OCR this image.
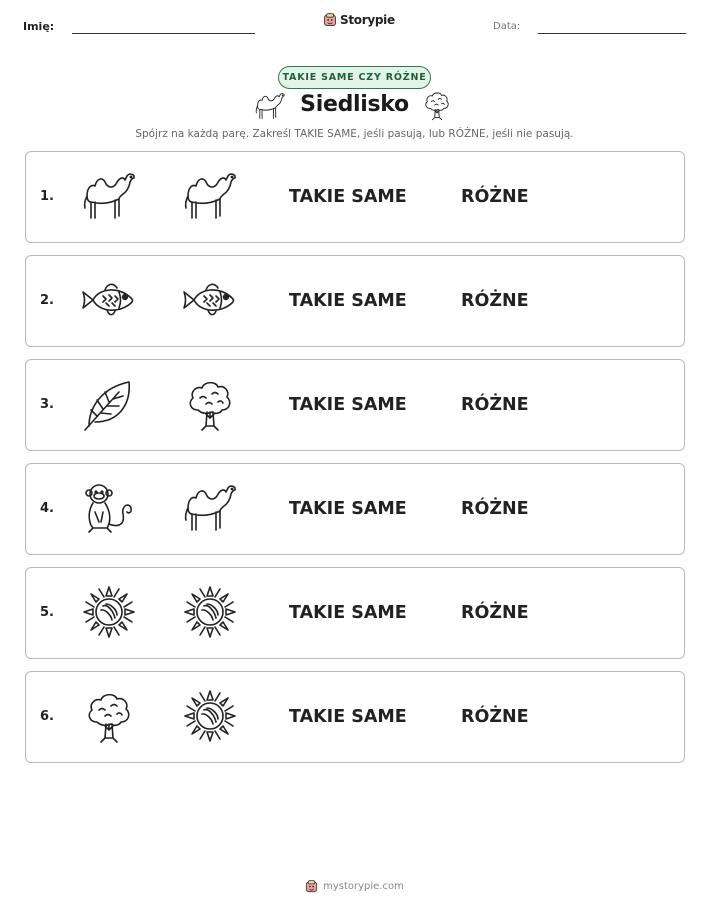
Imię:	Storypie	Data:
TAKIE SAME CZY RÓŻNE
Siedlisko
Spójrz na każdą parę. Zakreśl TAKIE SAME, jeśli pasują, lub RÓŻNE, jeśli nie pasują.
1.	TAKIE SAME	RÓŻNE
2.	TAKIE SAME	RÓŻNE
3.	TAKIE SAME	RÓŻNE
4.	TAKIE SAME	RÓŻNE
5.	TAKIE SAME	RÓŻNE
6.	TAKIE SAME	RÓŻNE
mystorypie.com
